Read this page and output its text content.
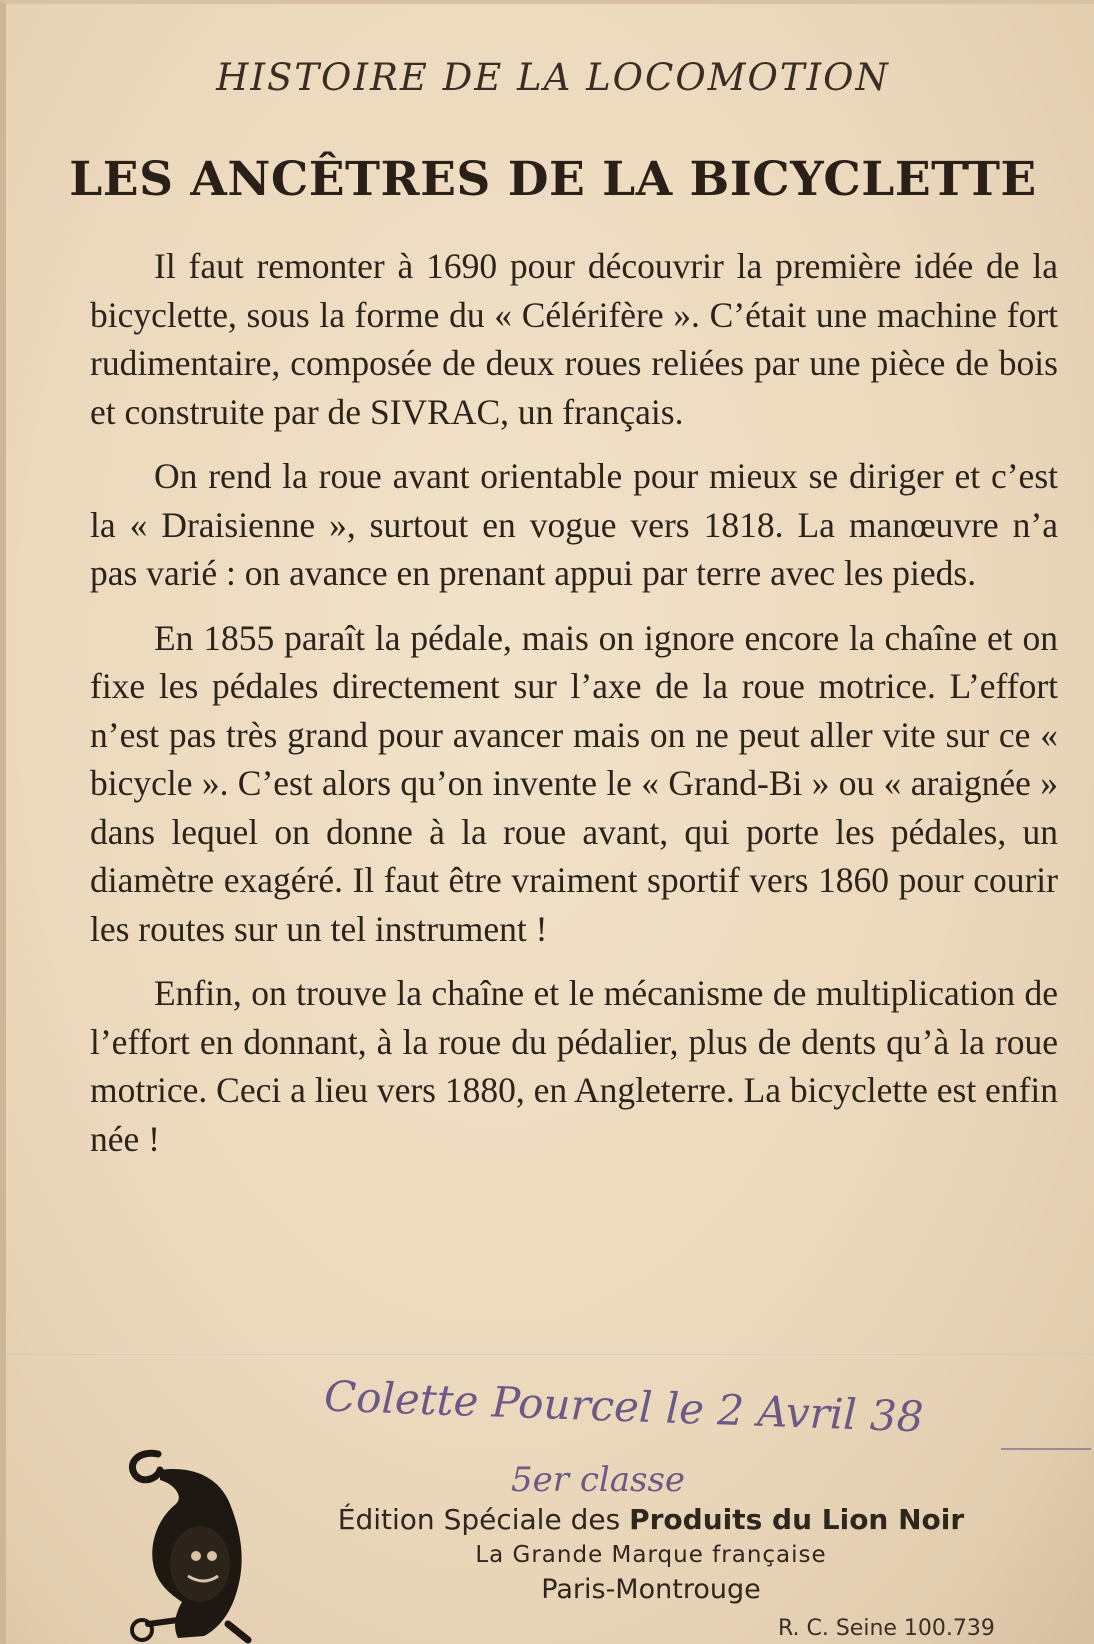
HISTOIRE DE LA LOCOMOTION
LES ANCÊTRES DE LA BICYCLETTE

Il faut remonter à 1690 pour découvrir la première idée de la bicyclette, sous la forme du « Célérifère ». C’était une machine fort rudimentaire, composée de deux roues reliées par une pièce de bois et construite par de SIVRAC, un français.

On rend la roue avant orientable pour mieux se diriger et c’est la « Draisienne », surtout en vogue vers 1818. La manœuvre n’a pas varié : on avance en prenant appui par terre avec les pieds.

En 1855 paraît la pédale, mais on ignore encore la chaîne et on fixe les pédales directement sur l’axe de la roue motrice. L’effort n’est pas très grand pour avancer mais on ne peut aller vite sur ce « bicycle ». C’est alors qu’on invente le « Grand-Bi » ou « araignée » dans lequel on donne à la roue avant, qui porte les pédales, un diamètre exagéré. Il faut être vraiment sportif vers 1860 pour courir les routes sur un tel instrument !

Enfin, on trouve la chaîne et le mécanisme de multiplication de l’effort en donnant, à la roue du pédalier, plus de dents qu’à la roue motrice. Ceci a lieu vers 1880, en Angleterre. La bicyclette est enfin née !

Colette Pourcel le 2 Avril 38
5er classe
Édition Spéciale des Produits du Lion Noir
La Grande Marque française
Paris-Montrouge
R. C. Seine 100.739
